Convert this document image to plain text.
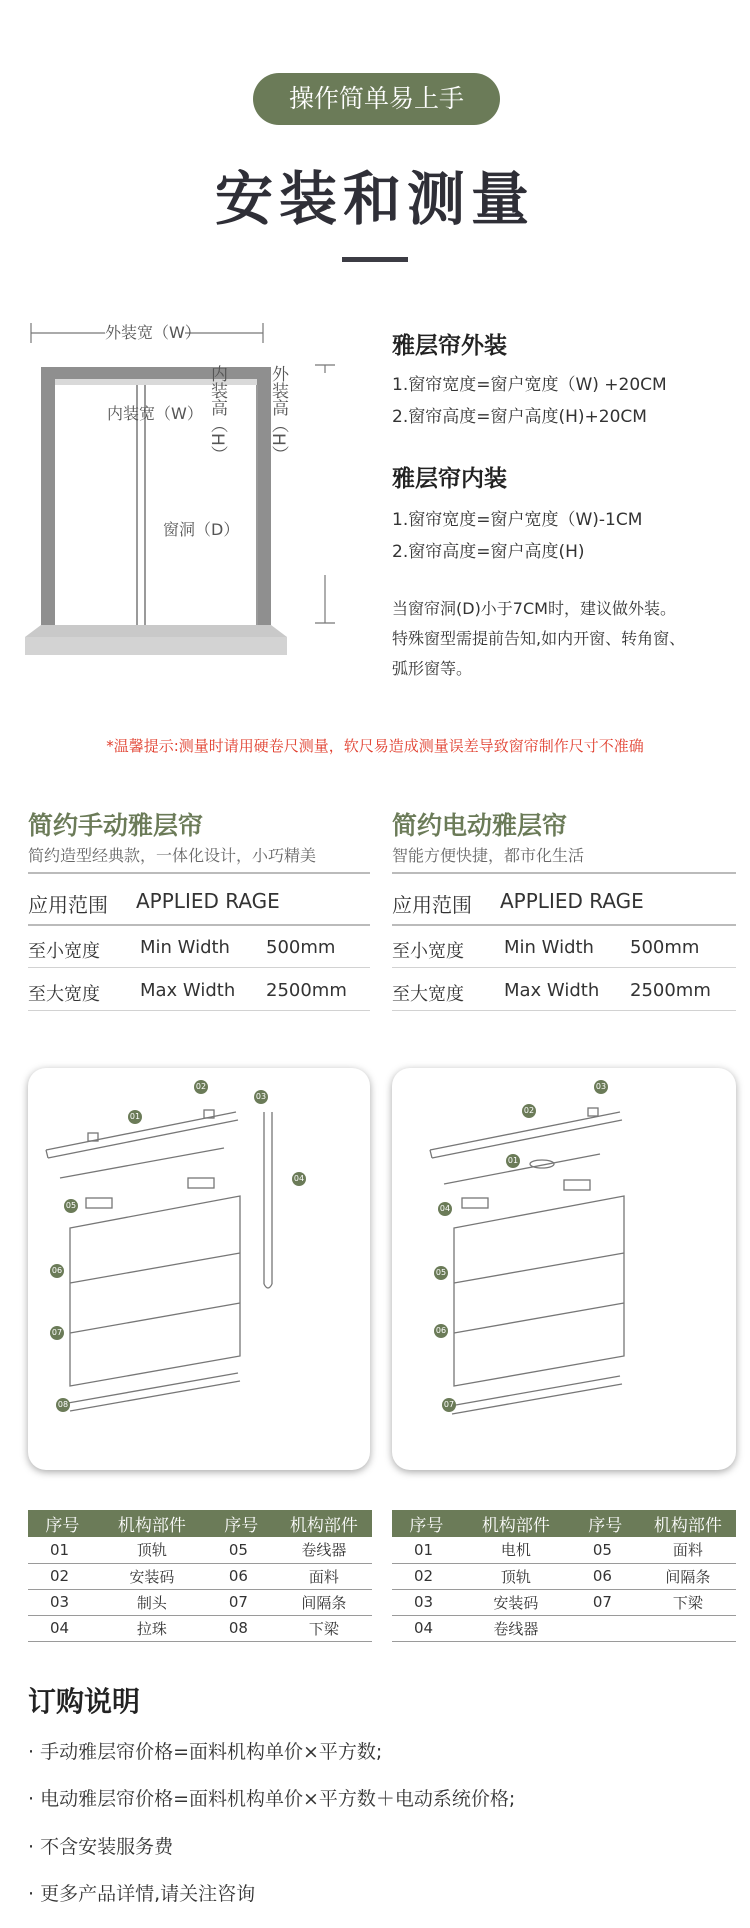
操作简单易上手
安装和测量
外装宽（W）
内装宽（W） 内装高（H） 外装高（H）
窗洞（D）
雅层帘外装
1.窗帘宽度=窗户宽度（W) +20CM
2.窗帘高度=窗户高度(H)+20CM
雅层帘内装
1.窗帘宽度=窗户宽度（W)-1CM
2.窗帘高度=窗户高度(H)
当窗帘洞(D)小于7CM时，建议做外装。
特殊窗型需提前告知,如内开窗、转角窗、
弧形窗等。
*温馨提示:测量时请用硬卷尺测量，软尺易造成测量误差导致窗帘制作尺寸不准确
简约手动雅层帘
简约造型经典款，一体化设计，小巧精美
应用范围 APPLIED RAGE
至小宽度 Min Width 500mm
至大宽度 Max Width 2500mm
简约电动雅层帘
智能方便快捷，都市化生活
应用范围 APPLIED RAGE
至小宽度 Min Width 500mm
至大宽度 Max Width 2500mm
02
01
03
04
05
06
07
08
03
02
01
04
05
06
07
序号	机构部件	序号	机构部件
01	顶轨	05	卷线器
02	安装码	06	面料
03	制头	07	间隔条
04	拉珠	08	下梁
序号	机构部件	序号	机构部件
01	电机	05	面料
02	顶轨	06	间隔条
03	安装码	07	下梁
04	卷线器		
订购说明
· 手动雅层帘价格=面料机构单价×平方数;
· 电动雅层帘价格=面料机构单价×平方数＋电动系统价格;
· 不含安装服务费
· 更多产品详情,请关注咨询
